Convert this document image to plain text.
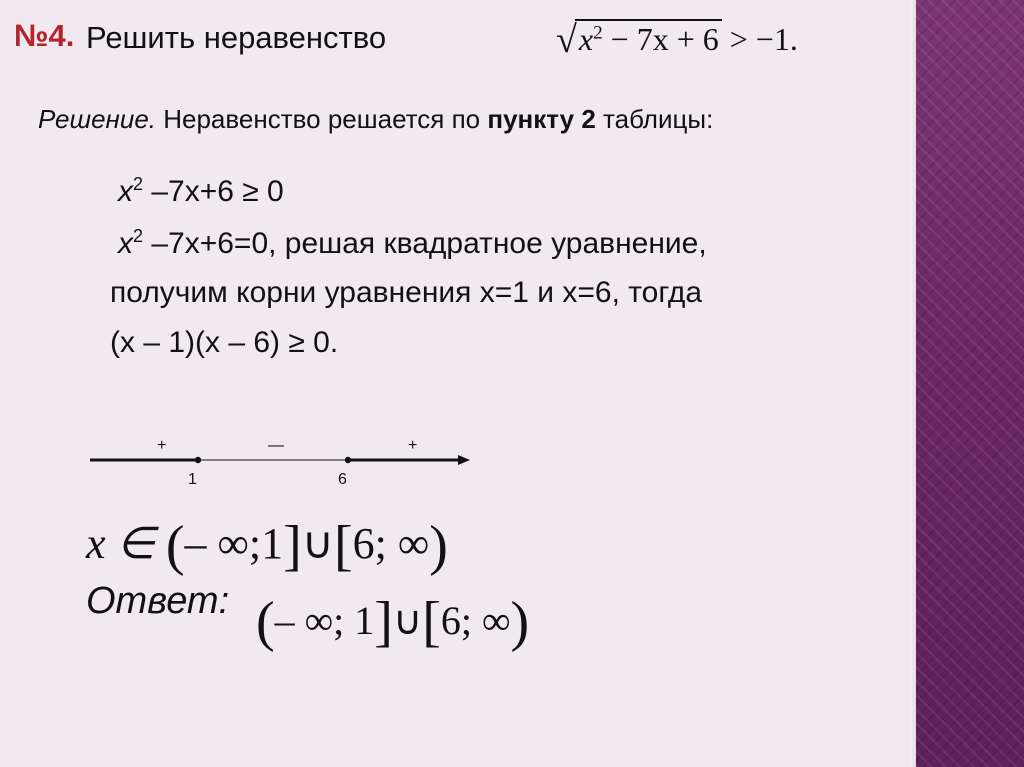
№4. Решить неравенство	$√x^2 - 7x + 6 > -1$.
Решение. Неравенство решается по пункту 2 таблицы:
$x^2$ –7x+6 ≥ 0
$x^2$ –7x+6=0, решая квадратное уравнение,
получим корни уравнения x=1 и x=6, тогда
(x – 1)(x – 6) ≥ 0.
1	6
+	—	+
x ∈ (– ∞;1]∪[6; ∞)
Ответ: (– ∞; 1]∪[6; ∞)
